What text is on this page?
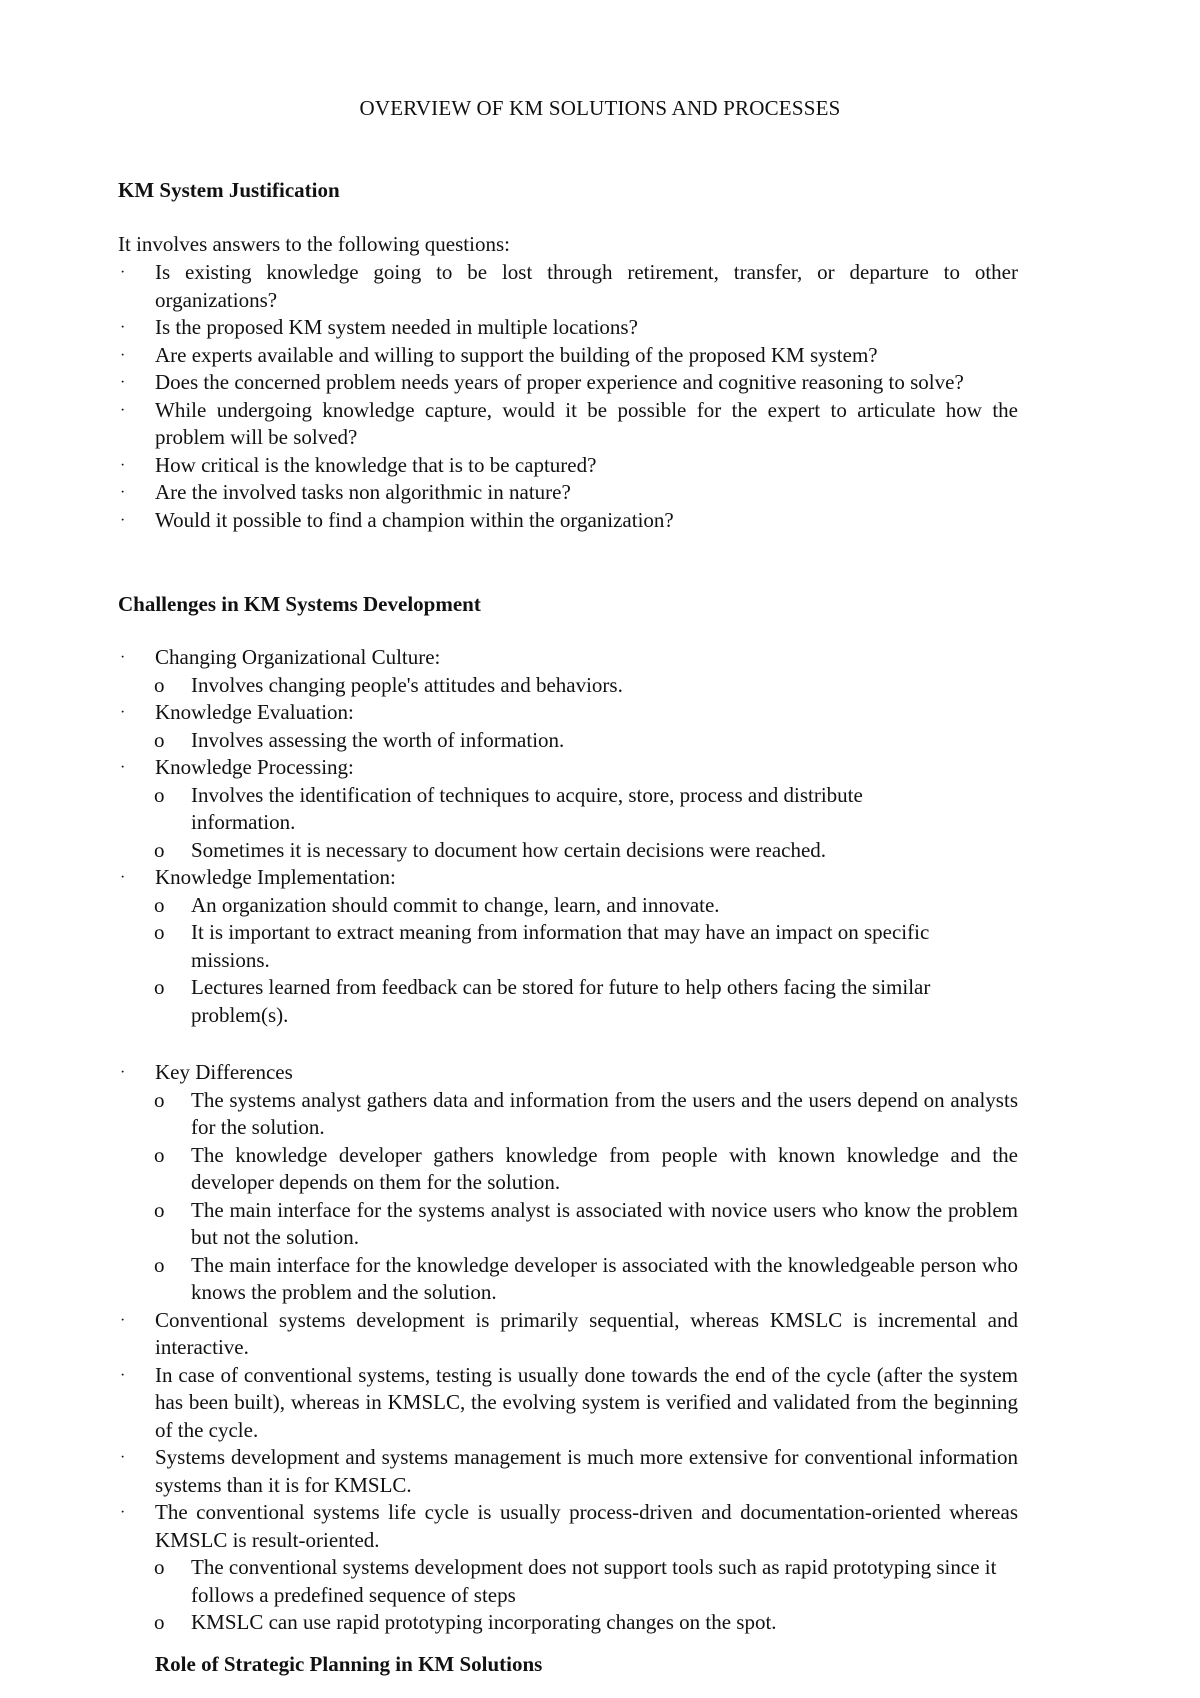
OVERVIEW OF KM SOLUTIONS AND PROCESSES
KM System Justification
It involves answers to the following questions:
· Is existing knowledge going to be lost through retirement, transfer, or departure to other organizations?
· Is the proposed KM system needed in multiple locations?
· Are experts available and willing to support the building of the proposed KM system?
· Does the concerned problem needs years of proper experience and cognitive reasoning to solve?
· While undergoing knowledge capture, would it be possible for the expert to articulate how the problem will be solved?
· How critical is the knowledge that is to be captured?
· Are the involved tasks non algorithmic in nature?
· Would it possible to find a champion within the organization?
Challenges in KM Systems Development
· Changing Organizational Culture:
o Involves changing people's attitudes and behaviors.
· Knowledge Evaluation:
o Involves assessing the worth of information.
· Knowledge Processing:
o Involves the identification of techniques to acquire, store, process and distribute information.
o Sometimes it is necessary to document how certain decisions were reached.
· Knowledge Implementation:
o An organization should commit to change, learn, and innovate.
o It is important to extract meaning from information that may have an impact on specific missions.
o Lectures learned from feedback can be stored for future to help others facing the similar problem(s).
· Key Differences
o The systems analyst gathers data and information from the users and the users depend on analysts for the solution.
o The knowledge developer gathers knowledge from people with known knowledge and the developer depends on them for the solution.
o The main interface for the systems analyst is associated with novice users who know the problem but not the solution.
o The main interface for the knowledge developer is associated with the knowledgeable person who knows the problem and the solution.
· Conventional systems development is primarily sequential, whereas KMSLC is incremental and interactive.
· In case of conventional systems, testing is usually done towards the end of the cycle (after the system has been built), whereas in KMSLC, the evolving system is verified and validated from the beginning of the cycle.
· Systems development and systems management is much more extensive for conventional information systems than it is for KMSLC.
· The conventional systems life cycle is usually process-driven and documentation-oriented whereas KMSLC is result-oriented.
o The conventional systems development does not support tools such as rapid prototyping since it follows a predefined sequence of steps
o KMSLC can use rapid prototyping incorporating changes on the spot.
Role of Strategic Planning in KM Solutions
